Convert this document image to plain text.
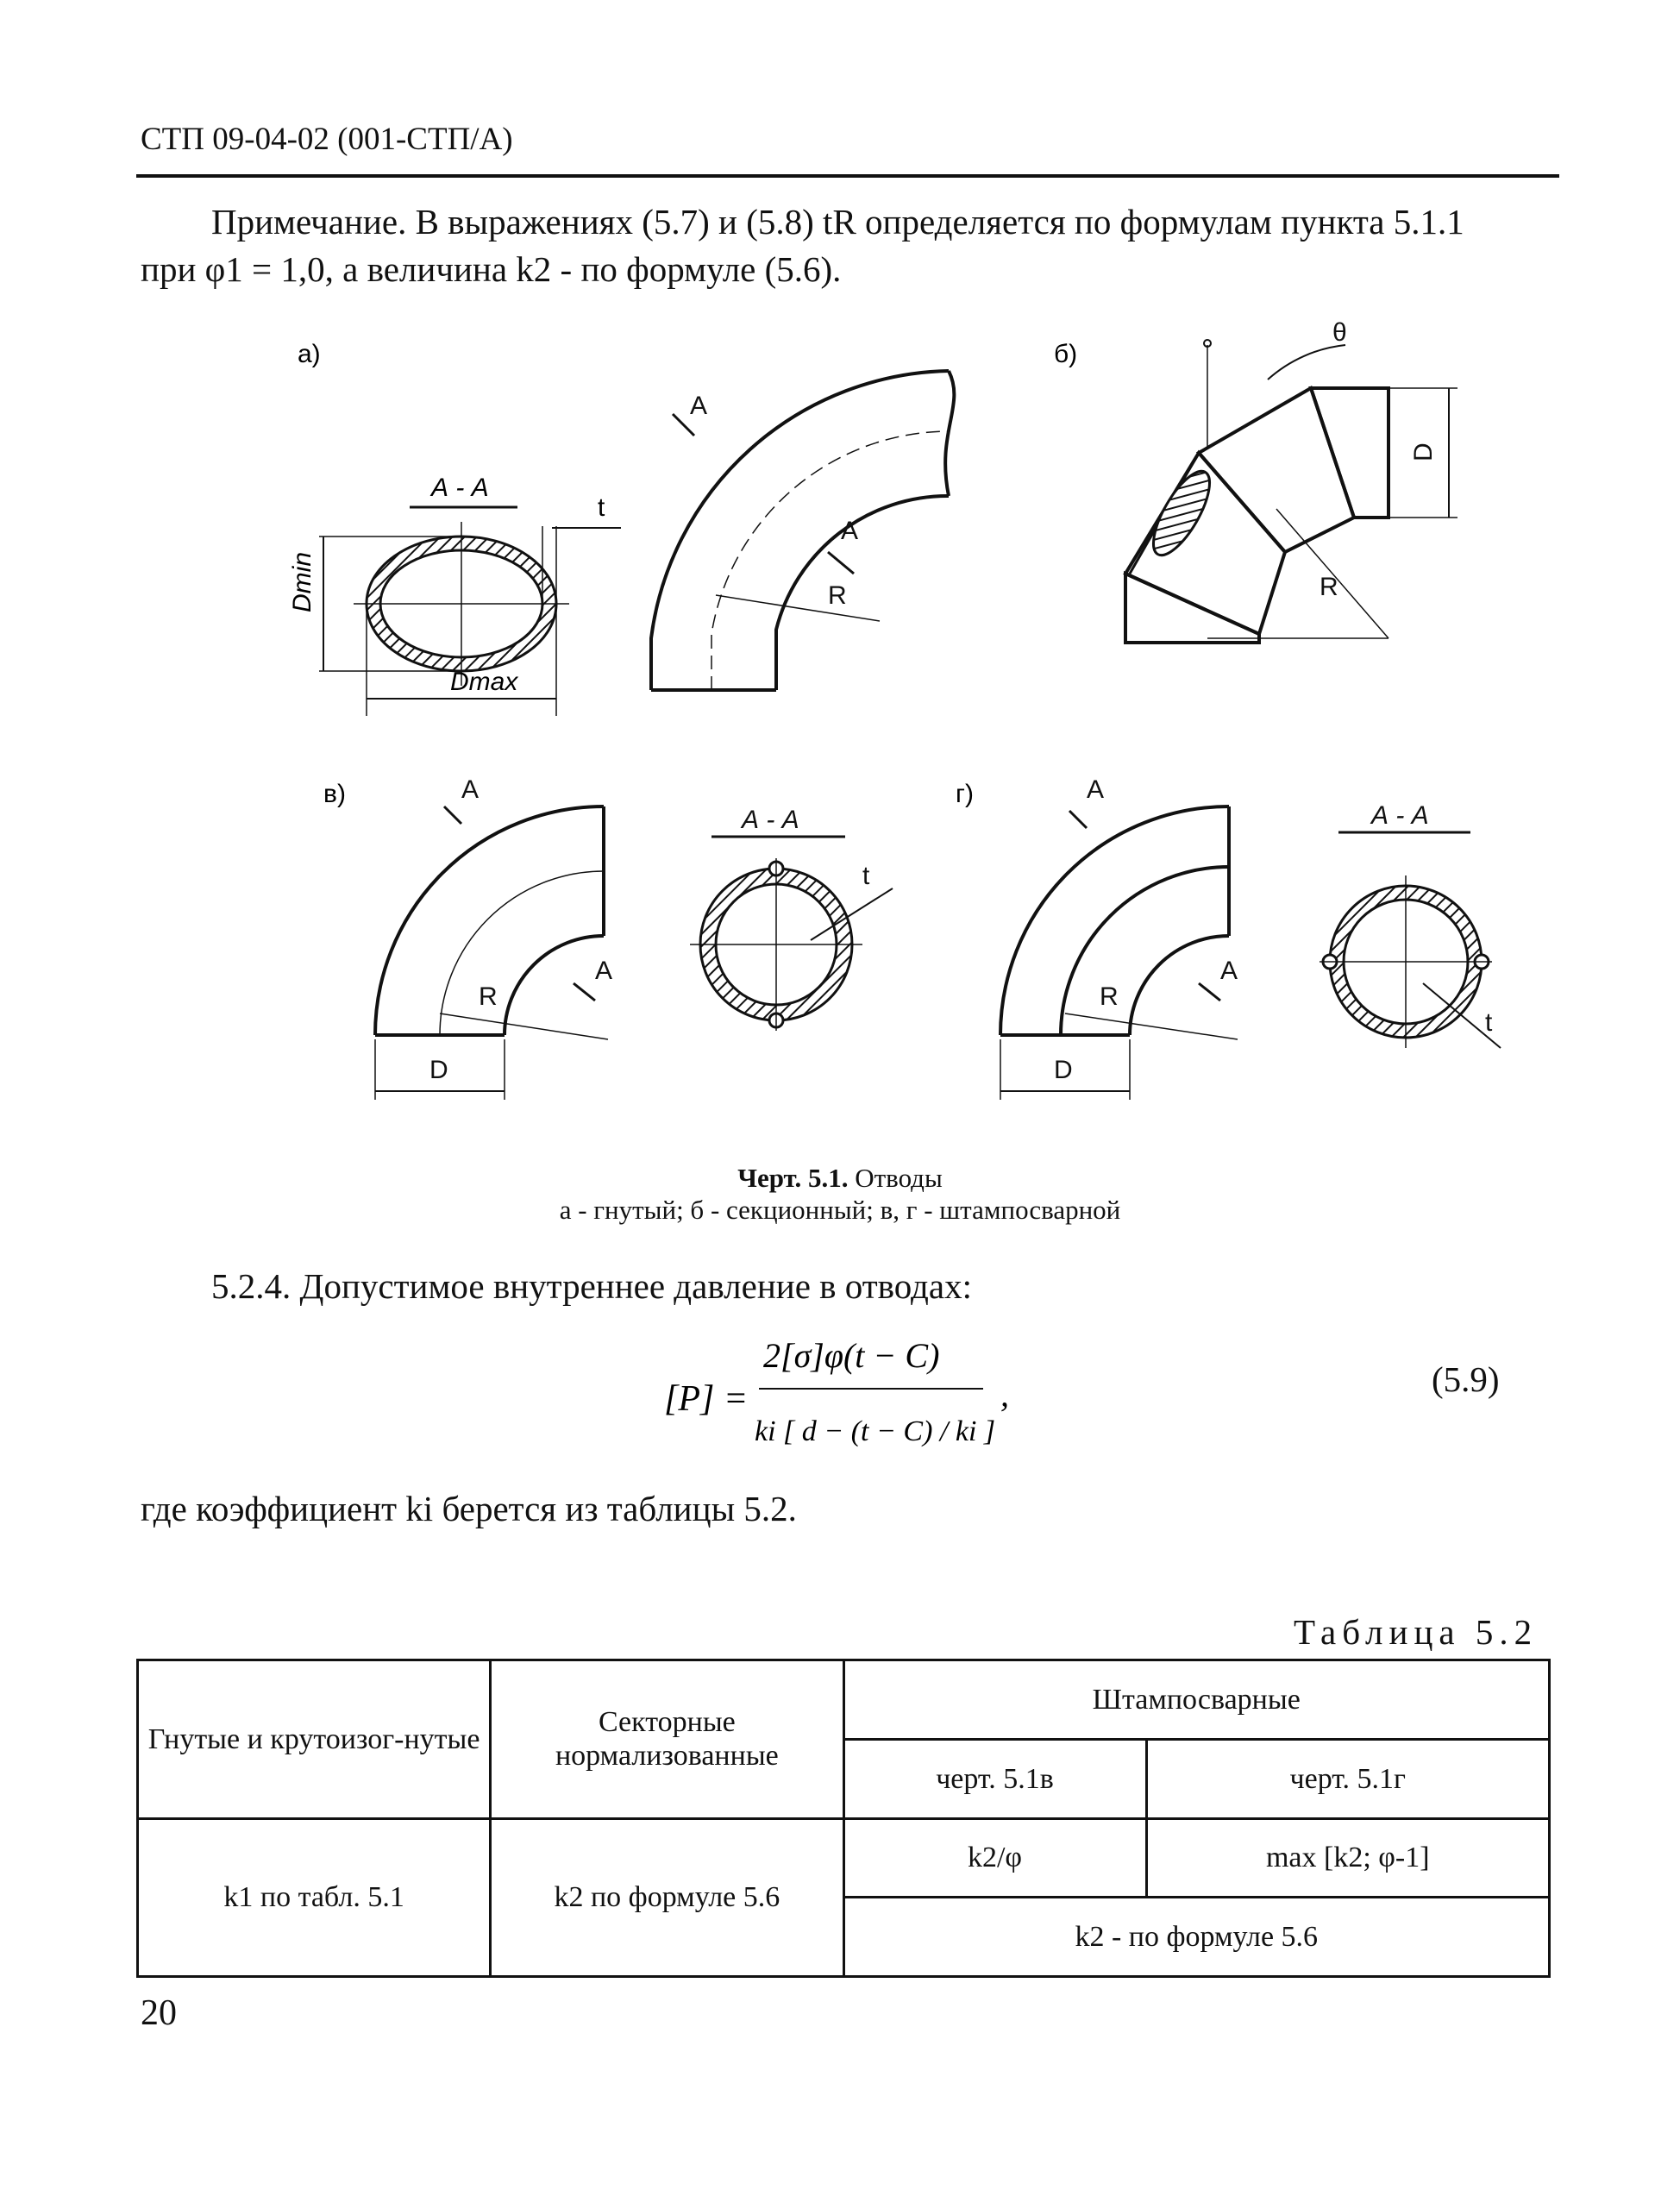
СТП 09-04-02 (001-СТП/А)
Примечание. В выражениях (5.7) и (5.8) tR определяется по формулам пункта 5.1.1
при φ1 = 1,0, а величина k2 - по формуле (5.6).
а)	б)
в)	г)
А - А
Dmin
Dmax
t
R
А
А
R
D
θ
R
D
А
А
А - А
t
R
D
А
А
А - А
t
Черт. 5.1. Отводы
а - гнутый; б - секционный; в, г - штампосварной
5.2.4. Допустимое внутреннее давление в отводах:
[P] =
2[σ]φ(t − C)
ki [ d − (t − C) / ki ]
,	(5.9)
где коэффициент ki берется из таблицы 5.2.
Таблица 5.2
Гнутые и крутоизог-нутые	Секторные нормализованные	Штампосварные	
		черт. 5.1в	черт. 5.1г
k1 по табл. 5.1	k2 по формуле 5.6	k2/φ	max [k2; φ-1]
		k2 - по формуле 5.6	
20
